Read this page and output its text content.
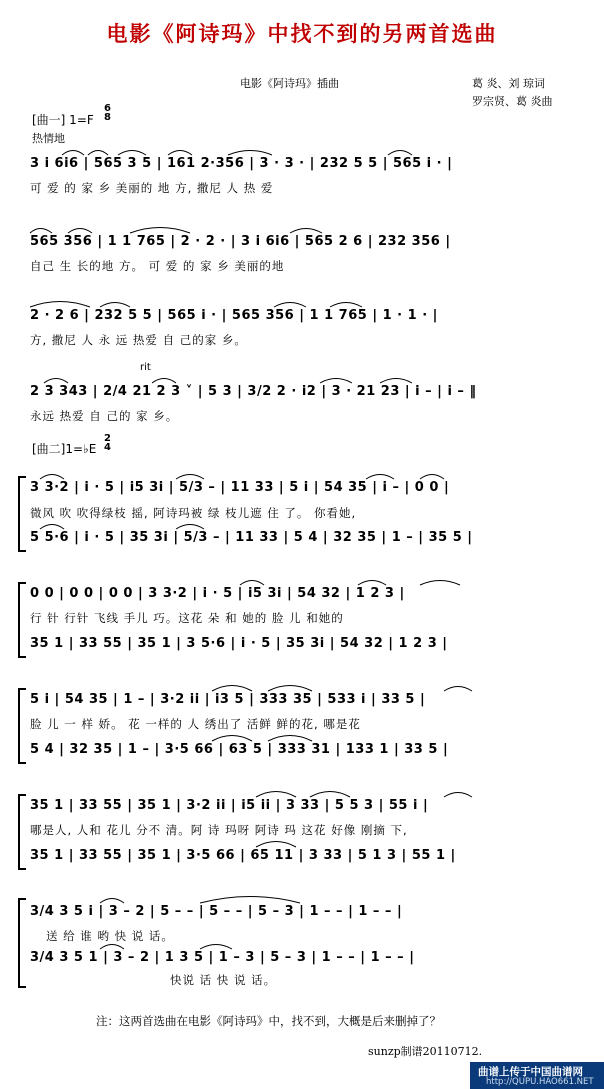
电影《阿诗玛》中找不到的另两首选曲
电影《阿诗玛》插曲	葛 炎、刘 琼词
罗宗贤、葛 炎曲
[曲一] 1=F
6
8
热情地
rit
3 i 6i6 | 565 3 5 | 161 2·356 | 3 · 3 · | 232 5 5 | 565 i · |
可 爱 的 家 乡 美丽的 地 方, 撒尼 人 热 爱
565 356 | 1 1 765 | 2 · 2 · | 3 i 6i6 | 565 2 6 | 232 356 |
自己 生 长的地 方。 可 爱 的 家 乡 美丽的地
2 · 2 6 | 232 5 5 | 565 i · | 565 356 | 1 1 765 | 1 · 1 · |
方, 撒尼 人 永 远 热爱 自 己的家 乡。
2 3 343 | 2/4 21 2 3 ˅ | 5 3 | 3/2 2 · i2 | 3 · 21 23 | i – | i – ‖
永远 热爱 自 己的 家 乡。
[曲二]1=♭E
2
4
3 3·2 | i · 5 | i5 3i | 5/3 – | 11 33 | 5 i | 54 35 | i – | 0 0 |
微风 吹 吹得绿枝 摇, 阿诗玛被 绿 枝儿遮 住 了。 你看她,
5 5·6 | i · 5 | 35 3i | 5/3 – | 11 33 | 5 4 | 32 35 | 1 – | 35 5 |
0 0 | 0 0 | 0 0 | 3 3·2 | i · 5 | i5 3i | 54 32 | 1 2 3 |
行 针 行针 飞线 手儿 巧。这花 朵 和 她的 脸 儿 和她的
35 1 | 33 55 | 35 1 | 3 5·6 | i · 5 | 35 3i | 54 32 | 1 2 3 |
5 i | 54 35 | 1 – | 3·2 ii | i3 5 | 333 35 | 533 i | 33 5 |
脸 儿 一 样 娇。 花 一样的 人 绣出了 活鲜 鲜的花, 哪是花
5 4 | 32 35 | 1 – | 3·5 66 | 63 5 | 333 31 | 133 1 | 33 5 |
35 1 | 33 55 | 35 1 | 3·2 ii | i5 ii | 3 33 | 5 5 3 | 55 i |
哪是人, 人和 花儿 分不 清。阿 诗 玛呀 阿诗 玛 这花 好像 刚摘 下,
35 1 | 33 55 | 35 1 | 3·5 66 | 65 11 | 3 33 | 5 1 3 | 55 1 |
3/4 3 5 i | 3 – 2 | 5 – – | 5 – – | 5 – 3 | 1 – – | 1 – – |
送 给 谁 哟 快 说 话。
3/4 3 5 1 | 3 – 2 | 1 3 5 | 1 – 3 | 5 – 3 | 1 – – | 1 – – |
快说 话 快 说 话。
注：这两首选曲在电影《阿诗玛》中，找不到，大概是后来删掉了？
sunzp制谱20110712.
曲谱上传于中国曲谱网
http://QUPU.HAO661.NET
